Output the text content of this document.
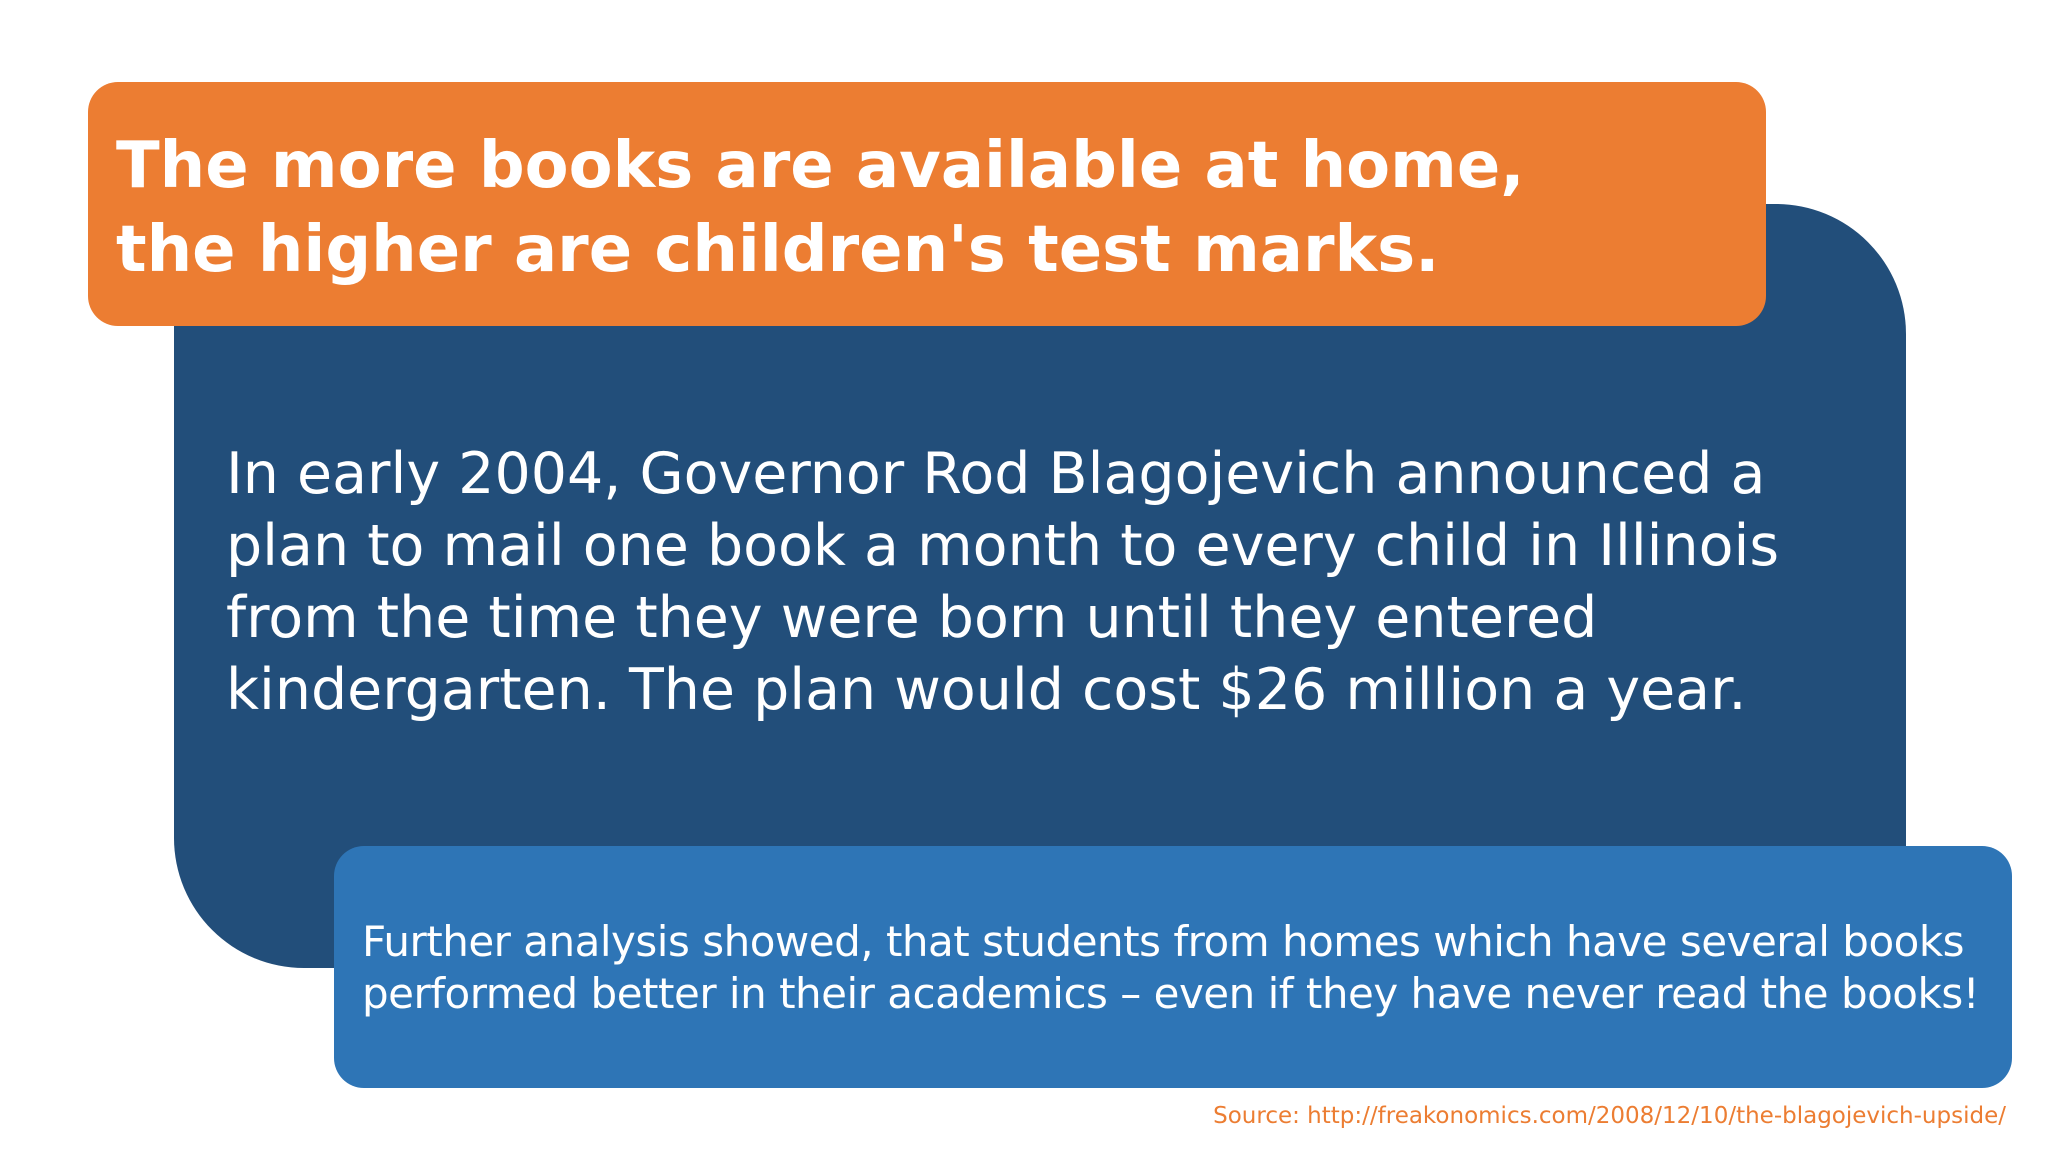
The more books are available at home,
the higher are children's test marks.
In early 2004, Governor Rod Blagojevich announced a
plan to mail one book a month to every child in Illinois
from the time they were born until they entered
kindergarten. The plan would cost $26 million a year.
Further analysis showed, that students from homes which have several books
performed better in their academics – even if they have never read the books!
Source: http://freakonomics.com/2008/12/10/the-blagojevich-upside/
